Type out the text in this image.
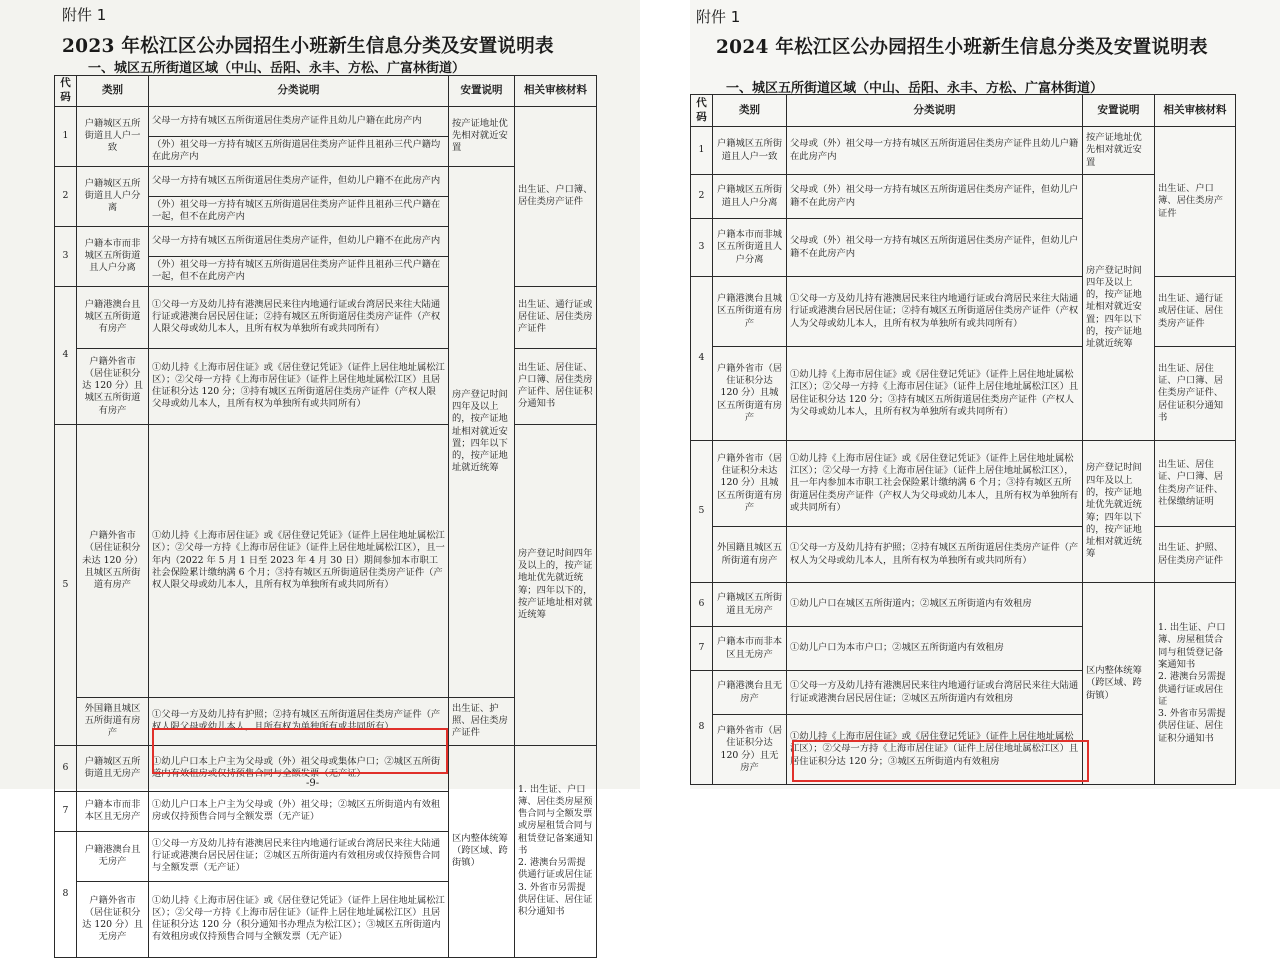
附件 1
2023 年松江区公办园招生小班新生信息分类及安置说明表
一、城区五所街道区域（中山、岳阳、永丰、方松、广富林街道）
代码	类别	分类说明	安置说明	相关审核材料	
1	户籍城区五所街道且人户一致	父母一方持有城区五所街道居住类房产证件且幼儿户籍在此房产内	按产证地址优先相对就近安置	出生证、户口簿、居住类房产证件	
		（外）祖父母一方持有城区五所街道居住类房产证件且祖孙三代户籍均在此房产内			
2	户籍城区五所街道且人户分离	父母一方持有城区五所街道居住类房产证件，但幼儿户籍不在此房产内	房产登记时间四年及以上的，按产证地址相对就近安置；四年以下的，按产证地址就近统筹		
		（外）祖父母一方持有城区五所街道居住类房产证件且祖孙三代户籍在一起，但不在此房产内			
3	户籍本市而非城区五所街道且人户分离	父母一方持有城区五所街道居住类房产证件，但幼儿户籍不在此房产内			
		（外）祖父母一方持有城区五所街道居住类房产证件且祖孙三代户籍在一起，但不在此房产内			
4	户籍港澳台且城区五所街道有房产	①父母一方及幼儿持有港澳居民来往内地通行证或台湾居民来往大陆通行证或港澳台居民居住证；②持有城区五所街道居住类房产证件（产权人限父母或幼儿本人，且所有权为单独所有或共同所有）		出生证、通行证或居住证、居住类房产证件	
	户籍外省市（居住证积分达 120 分）且城区五所街道有房产	①幼儿持《上海市居住证》或《居住登记凭证》（证件上居住地址属松江区）；②父母一方持《上海市居住证》（证件上居住地址属松江区）且居住证积分达 120 分；③持有城区五所街道居住类房产证件（产权人限父母或幼儿本人，且所有权为单独所有或共同所有）		出生证、居住证、户口簿、居住类房产证件、居住证积分通知书	
5	户籍外省市（居住证积分未达 120 分）且城区五所街道有房产	①幼儿持《上海市居住证》或《居住登记凭证》（证件上居住地址属松江区）；②父母一方持《上海市居住证》（证件上居住地址属松江区），且一年内（2022 年 5 月 1 日至 2023 年 4 月 30 日）期间参加本市职工社会保险累计缴纳满 6 个月；③持有城区五所街道居住类房产证件（产权人限父母或幼儿本人，且所有权为单独所有或共同所有）		房产登记时间四年及以上的，按产证地址优先就近统筹；四年以下的，按产证地址相对就近统筹	
	外国籍且城区五所街道有房产	①父母一方及幼儿持有护照；②持有城区五所街道居住类房产证件（产权人限父母或幼儿本人，且所有权为单独所有或共同所有）	出生证、护照、居住类房产证件		
6	户籍城区五所街道且无房产	①幼儿户口本上户主为父母或（外）祖父母或集体户口；②城区五所街道内有效租房或仅持预售合同与全额发票（无产证）	区内整体统筹（跨区域、跨街镇）	1. 出生证、户口簿、居住类房屋预售合同与全额发票或房屋租赁合同与租赁登记备案通知书
2. 港澳台另需提供通行证或居住证
3. 外省市另需提供居住证、居住证积分通知书	
7	户籍本市而非本区且无房产	①幼儿户口本上户主为父母或（外）祖父母；②城区五所街道内有效租房或仅持预售合同与全额发票（无产证）			
8	户籍港澳台且无房产	①父母一方及幼儿持有港澳居民来往内地通行证或台湾居民来往大陆通行证或港澳台居民居住证；②城区五所街道内有效租房或仅持预售合同与全额发票（无产证）			
	户籍外省市（居住证积分达 120 分）且无房产	①幼儿持《上海市居住证》或《居住登记凭证》（证件上居住地址属松江区）；②父母一方持《上海市居住证》（证件上居住地址属松江区）且居住证积分达 120 分（积分通知书办理点为松江区）；③城区五所街道内有效租房或仅持预售合同与全额发票（无产证）			
-9-
附件 1
2024 年松江区公办园招生小班新生信息分类及安置说明表
一、城区五所街道区域（中山、岳阳、永丰、方松、广富林街道）
代码	类别	分类说明	安置说明	相关审核材料
1	户籍城区五所街道且人户一致	父母或（外）祖父母一方持有城区五所街道居住类房产证件且幼儿户籍在此房产内	按产证地址优先相对就近安置	出生证、户口簿、居住类房产证件
2	户籍城区五所街道且人户分离	父母或（外）祖父母一方持有城区五所街道居住类房产证件，但幼儿户籍不在此房产内	房产登记时间四年及以上的，按产证地址相对就近安置；四年以下的，按产证地址就近统筹	
3	户籍本市而非城区五所街道且人户分离	父母或（外）祖父母一方持有城区五所街道居住类房产证件，但幼儿户籍不在此房产内		
4	户籍港澳台且城区五所街道有房产	①父母一方及幼儿持有港澳居民来往内地通行证或台湾居民来往大陆通行证或港澳台居民居住证；②持有城区五所街道居住类房产证件（产权人为父母或幼儿本人，且所有权为单独所有或共同所有）		出生证、通行证或居住证、居住类房产证件
	户籍外省市（居住证积分达 120 分）且城区五所街道有房产	①幼儿持《上海市居住证》或《居住登记凭证》（证件上居住地址属松江区）；②父母一方持《上海市居住证》（证件上居住地址属松江区）且居住证积分达 120 分；③持有城区五所街道居住类房产证件（产权人为父母或幼儿本人，且所有权为单独所有或共同所有）		出生证、居住证、户口簿、居住类房产证件、居住证积分通知书
5	户籍外省市（居住证积分未达 120 分）且城区五所街道有房产	①幼儿持《上海市居住证》或《居住登记凭证》（证件上居住地址属松江区）；②父母一方持《上海市居住证》（证件上居住地址属松江区），且一年内参加本市职工社会保险累计缴纳满 6 个月；③持有城区五所街道居住类房产证件（产权人为父母或幼儿本人，且所有权为单独所有或共同所有）	房产登记时间四年及以上的，按产证地址优先就近统筹；四年以下的，按产证地址相对就近统筹	出生证、居住证、户口簿、居住类房产证件、社保缴纳证明
	外国籍且城区五所街道有房产	①父母一方及幼儿持有护照；②持有城区五所街道居住类房产证件（产权人为父母或幼儿本人，且所有权为单独所有或共同所有）		出生证、护照、居住类房产证件
6	户籍城区五所街道且无房产	①幼儿户口在城区五所街道内；②城区五所街道内有效租房	区内整体统筹（跨区域、跨街镇）	1. 出生证、户口簿、房屋租赁合同与租赁登记备案通知书
2. 港澳台另需提供通行证或居住证
3. 外省市另需提供居住证、居住证积分通知书
7	户籍本市而非本区且无房产	①幼儿户口为本市户口；②城区五所街道内有效租房		
8	户籍港澳台且无房产	①父母一方及幼儿持有港澳居民来往内地通行证或台湾居民来往大陆通行证或港澳台居民居住证；②城区五所街道内有效租房		
	户籍外省市（居住证积分达 120 分）且无房产	①幼儿持《上海市居住证》或《居住登记凭证》（证件上居住地址属松江区）；②父母一方持《上海市居住证》（证件上居住地址属松江区）且居住证积分达 120 分；③城区五所街道内有效租房		
